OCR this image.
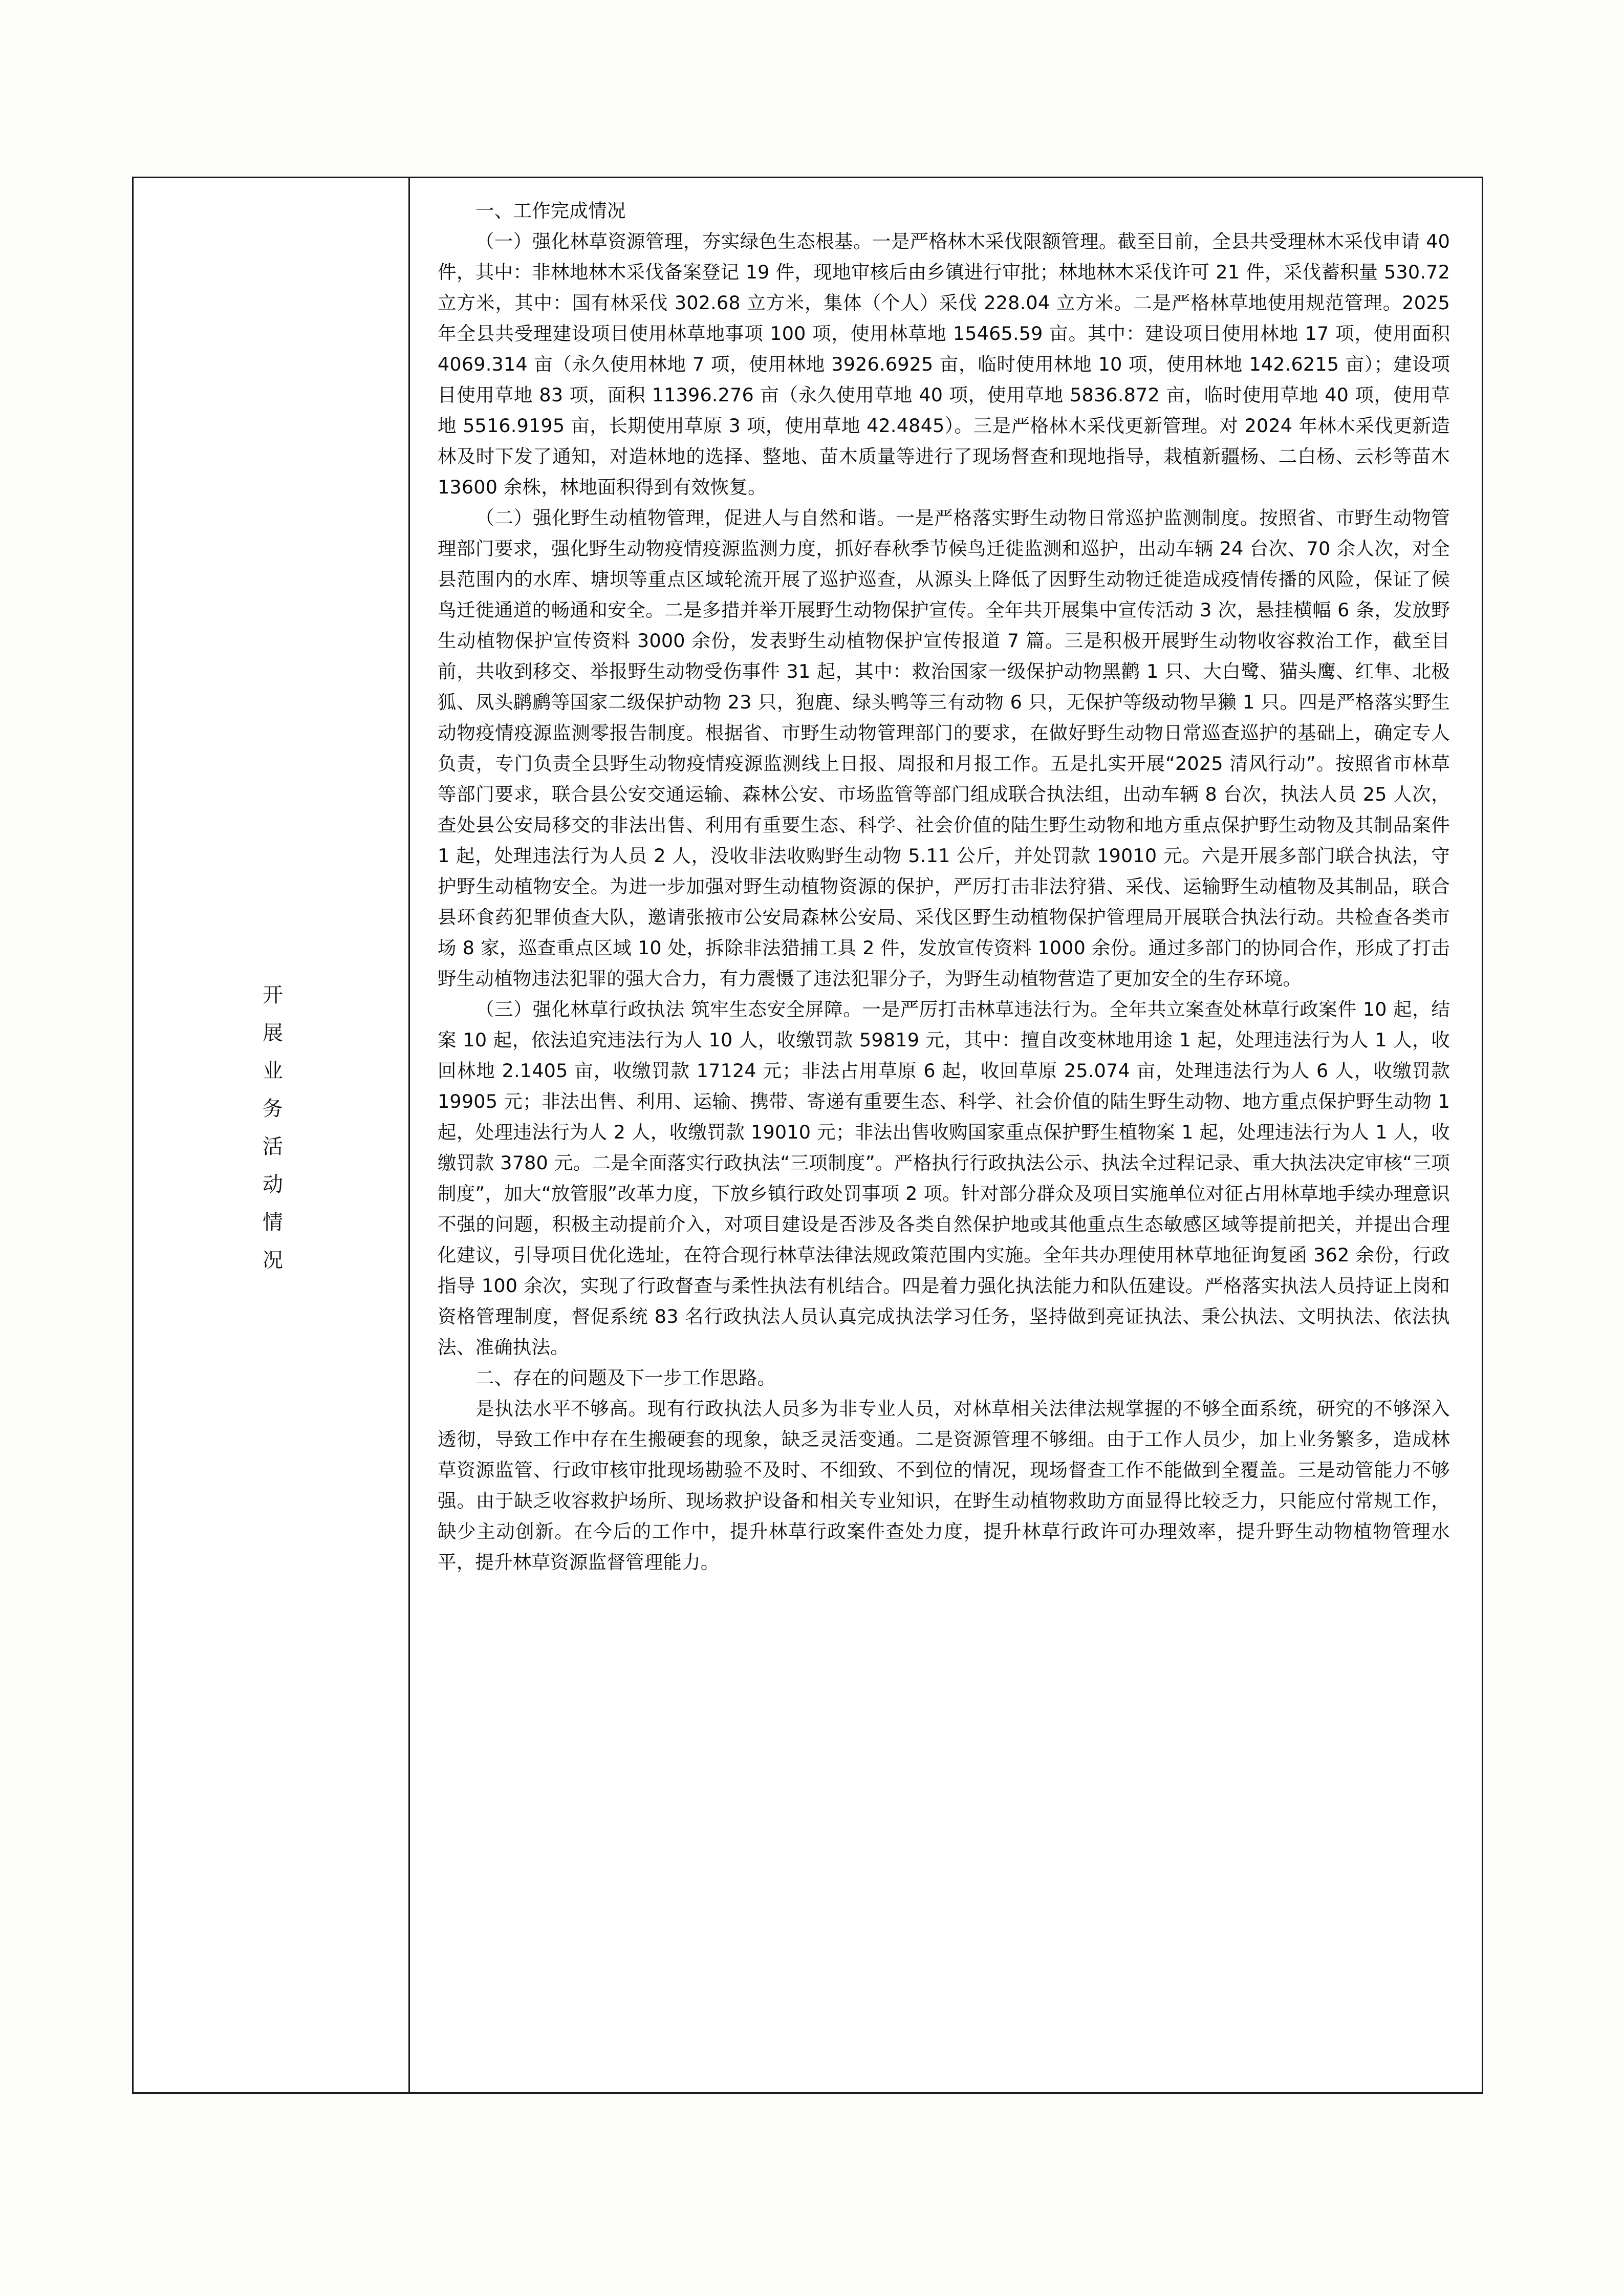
开展业务活动情况

一、工作完成情况

（一）强化林草资源管理，夯实绿色生态根基。一是严格林木采伐限额管理。截至目前，全县共受理林木采伐申请 40 件，其中：非林地林木采伐备案登记 19 件，现地审核后由乡镇进行审批；林地林木采伐许可 21 件，采伐蓄积量 530.72 立方米，其中：国有林采伐 302.68 立方米，集体（个人）采伐 228.04 立方米。二是严格林草地使用规范管理。2025 年全县共受理建设项目使用林草地事项 100 项，使用林草地 15465.59 亩。其中：建设项目使用林地 17 项，使用面积 4069.314 亩（永久使用林地 7 项，使用林地 3926.6925 亩，临时使用林地 10 项，使用林地 142.6215 亩）；建设项目使用草地 83 项，面积 11396.276 亩（永久使用草地 40 项，使用草地 5836.872 亩，临时使用草地 40 项，使用草地 5516.9195 亩，长期使用草原 3 项，使用草地 42.4845）。三是严格林木采伐更新管理。对 2024 年林木采伐更新造林及时下发了通知，对造林地的选择、整地、苗木质量等进行了现场督查和现地指导，栽植新疆杨、二白杨、云杉等苗木 13600 余株，林地面积得到有效恢复。

（二）强化野生动植物管理，促进人与自然和谐。一是严格落实野生动物日常巡护监测制度。按照省、市野生动物管理部门要求，强化野生动物疫情疫源监测力度，抓好春秋季节候鸟迁徙监测和巡护，出动车辆 24 台次、70 余人次，对全县范围内的水库、塘坝等重点区域轮流开展了巡护巡查，从源头上降低了因野生动物迁徙造成疫情传播的风险，保证了候鸟迁徙通道的畅通和安全。二是多措并举开展野生动物保护宣传。全年共开展集中宣传活动 3 次，悬挂横幅 6 条，发放野生动植物保护宣传资料 3000 余份，发表野生动植物保护宣传报道 7 篇。三是积极开展野生动物收容救治工作，截至目前，共收到移交、举报野生动物受伤事件 31 起，其中：救治国家一级保护动物黑鹳 1 只、大白鹭、猫头鹰、红隼、北极狐、凤头䴙䴘等国家二级保护动物 23 只，狍鹿、绿头鸭等三有动物 6 只，无保护等级动物旱獭 1 只。四是严格落实野生动物疫情疫源监测零报告制度。根据省、市野生动物管理部门的要求，在做好野生动物日常巡查巡护的基础上，确定专人负责，专门负责全县野生动物疫情疫源监测线上日报、周报和月报工作。五是扎实开展“2025 清风行动”。按照省市林草等部门要求，联合县公安交通运输、森林公安、市场监管等部门组成联合执法组，出动车辆 8 台次，执法人员 25 人次，查处县公安局移交的非法出售、利用有重要生态、科学、社会价值的陆生野生动物和地方重点保护野生动物及其制品案件 1 起，处理违法行为人员 2 人，没收非法收购野生动物 5.11 公斤，并处罚款 19010 元。六是开展多部门联合执法，守护野生动植物安全。为进一步加强对野生动植物资源的保护，严厉打击非法狩猎、采伐、运输野生动植物及其制品，联合县环食药犯罪侦查大队，邀请张掖市公安局森林公安局、采伐区野生动植物保护管理局开展联合执法行动。共检查各类市场 8 家，巡查重点区域 10 处，拆除非法猎捕工具 2 件，发放宣传资料 1000 余份。通过多部门的协同合作，形成了打击野生动植物违法犯罪的强大合力，有力震慑了违法犯罪分子，为野生动植物营造了更加安全的生存环境。

（三）强化林草行政执法 筑牢生态安全屏障。一是严厉打击林草违法行为。全年共立案查处林草行政案件 10 起，结案 10 起，依法追究违法行为人 10 人，收缴罚款 59819 元，其中：擅自改变林地用途 1 起，处理违法行为人 1 人，收回林地 2.1405 亩，收缴罚款 17124 元；非法占用草原 6 起，收回草原 25.074 亩，处理违法行为人 6 人，收缴罚款 19905 元；非法出售、利用、运输、携带、寄递有重要生态、科学、社会价值的陆生野生动物、地方重点保护野生动物 1 起，处理违法行为人 2 人，收缴罚款 19010 元；非法出售收购国家重点保护野生植物案 1 起，处理违法行为人 1 人，收缴罚款 3780 元。二是全面落实行政执法“三项制度”。严格执行行政执法公示、执法全过程记录、重大执法决定审核“三项制度”，加大“放管服”改革力度，下放乡镇行政处罚事项 2 项。针对部分群众及项目实施单位对征占用林草地手续办理意识不强的问题，积极主动提前介入，对项目建设是否涉及各类自然保护地或其他重点生态敏感区域等提前把关，并提出合理化建议，引导项目优化选址，在符合现行林草法律法规政策范围内实施。全年共办理使用林草地征询复函 362 余份，行政指导 100 余次，实现了行政督查与柔性执法有机结合。四是着力强化执法能力和队伍建设。严格落实执法人员持证上岗和资格管理制度，督促系统 83 名行政执法人员认真完成执法学习任务，坚持做到亮证执法、秉公执法、文明执法、依法执法、准确执法。

二、存在的问题及下一步工作思路。

是执法水平不够高。现有行政执法人员多为非专业人员，对林草相关法律法规掌握的不够全面系统，研究的不够深入透彻，导致工作中存在生搬硬套的现象，缺乏灵活变通。二是资源管理不够细。由于工作人员少，加上业务繁多，造成林草资源监管、行政审核审批现场勘验不及时、不细致、不到位的情况，现场督查工作不能做到全覆盖。三是动管能力不够强。由于缺乏收容救护场所、现场救护设备和相关专业知识，在野生动植物救助方面显得比较乏力，只能应付常规工作，缺少主动创新。在今后的工作中，提升林草行政案件查处力度，提升林草行政许可办理效率，提升野生动物植物管理水平，提升林草资源监督管理能力。
